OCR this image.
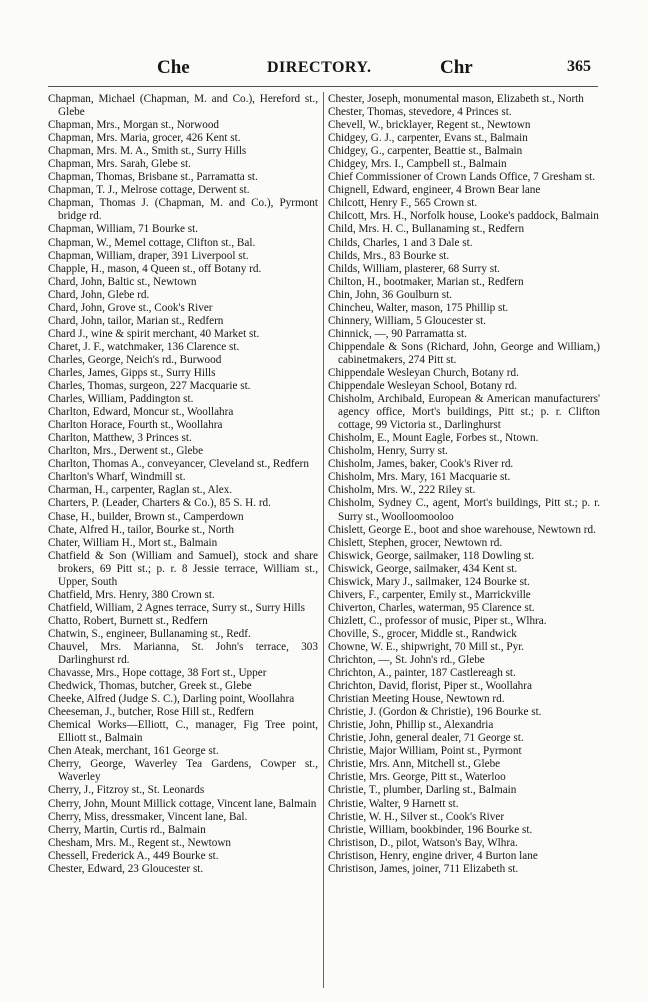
Che	DIRECTORY.	Chr	365

Chapman, Michael (Chapman, M. and Co.), Hereford st., Glebe

Chapman, Mrs., Morgan st., Norwood

Chapman, Mrs. Maria, grocer, 426 Kent st.

Chapman, Mrs. M. A., Smith st., Surry Hills

Chapman, Mrs. Sarah, Glebe st.

Chapman, Thomas, Brisbane st., Parramatta st.

Chapman, T. J., Melrose cottage, Derwent st.

Chapman, Thomas J. (Chapman, M. and Co.), Pyrmont bridge rd.

Chapman, William, 71 Bourke st.

Chapman, W., Memel cottage, Clifton st., Bal.

Chapman, William, draper, 391 Liverpool st.

Chapple, H., mason, 4 Queen st., off Botany rd.

Chard, John, Baltic st., Newtown

Chard, John, Glebe rd.

Chard, John, Grove st., Cook's River

Chard, John, tailor, Marian st., Redfern

Chard J., wine & spirit merchant, 40 Market st.

Charet, J. F., watchmaker, 136 Clarence st.

Charles, George, Neich's rd., Burwood

Charles, James, Gipps st., Surry Hills

Charles, Thomas, surgeon, 227 Macquarie st.

Charles, William, Paddington st.

Charlton, Edward, Moncur st., Woollahra

Charlton Horace, Fourth st., Woollahra

Charlton, Matthew, 3 Princes st.

Charlton, Mrs., Derwent st., Glebe

Charlton, Thomas A., conveyancer, Cleveland st., Redfern

Charlton's Wharf, Windmill st.

Charman, H., carpenter, Raglan st., Alex.

Charters, P. (Leader, Charters & Co.), 85 S. H. rd.

Chase, H., builder, Brown st., Camperdown

Chate, Alfred H., tailor, Bourke st., North

Chater, William H., Mort st., Balmain

Chatfield & Son (William and Samuel), stock and share brokers, 69 Pitt st.; p. r. 8 Jessie terrace, William st., Upper, South

Chatfield, Mrs. Henry, 380 Crown st.

Chatfield, William, 2 Agnes terrace, Surry st., Surry Hills

Chatto, Robert, Burnett st., Redfern

Chatwin, S., engineer, Bullanaming st., Redf.

Chauvel, Mrs. Marianna, St. John's terrace, 303 Darlinghurst rd.

Chavasse, Mrs., Hope cottage, 38 Fort st., Upper

Chedwick, Thomas, butcher, Greek st., Glebe

Cheeke, Alfred (Judge S. C.), Darling point, Woollahra

Cheeseman, J., butcher, Rose Hill st., Redfern

Chemical Works—Elliott, C., manager, Fig Tree point, Elliott st., Balmain

Chen Ateak, merchant, 161 George st.

Cherry, George, Waverley Tea Gardens, Cowper st., Waverley

Cherry, J., Fitzroy st., St. Leonards

Cherry, John, Mount Millick cottage, Vincent lane, Balmain

Cherry, Miss, dressmaker, Vincent lane, Bal.

Cherry, Martin, Curtis rd., Balmain

Chesham, Mrs. M., Regent st., Newtown

Chessell, Frederick A., 449 Bourke st.

Chester, Edward, 23 Gloucester st.

Chester, Joseph, monumental mason, Elizabeth st., North

Chester, Thomas, stevedore, 4 Princes st.

Chevell, W., bricklayer, Regent st., Newtown

Chidgey, G. J., carpenter, Evans st., Balmain

Chidgey, G., carpenter, Beattie st., Balmain

Chidgey, Mrs. I., Campbell st., Balmain

Chief Commissioner of Crown Lands Office, 7 Gresham st.

Chignell, Edward, engineer, 4 Brown Bear lane

Chilcott, Henry F., 565 Crown st.

Chilcott, Mrs. H., Norfolk house, Looke's paddock, Balmain

Child, Mrs. H. C., Bullanaming st., Redfern

Childs, Charles, 1 and 3 Dale st.

Childs, Mrs., 83 Bourke st.

Childs, William, plasterer, 68 Surry st.

Chilton, H., bootmaker, Marian st., Redfern

Chin, John, 36 Goulburn st.

Chincheu, Walter, mason, 175 Phillip st.

Chinnery, William, 5 Gloucester st.

Chinnick, —, 90 Parramatta st.

Chippendale & Sons (Richard, John, George and William,) cabinetmakers, 274 Pitt st.

Chippendale Wesleyan Church, Botany rd.

Chippendale Wesleyan School, Botany rd.

Chisholm, Archibald, European & American manufacturers' agency office, Mort's buildings, Pitt st.; p. r. Clifton cottage, 99 Victoria st., Darlinghurst

Chisholm, E., Mount Eagle, Forbes st., Ntown.

Chisholm, Henry, Surry st.

Chisholm, James, baker, Cook's River rd.

Chisholm, Mrs. Mary, 161 Macquarie st.

Chisholm, Mrs. W., 222 Riley st.

Chisholm, Sydney C., agent, Mort's buildings, Pitt st.; p. r. Surry st., Woolloomooloo

Chislett, George E., boot and shoe warehouse, Newtown rd.

Chislett, Stephen, grocer, Newtown rd.

Chiswick, George, sailmaker, 118 Dowling st.

Chiswick, George, sailmaker, 434 Kent st.

Chiswick, Mary J., sailmaker, 124 Bourke st.

Chivers, F., carpenter, Emily st., Marrickville

Chiverton, Charles, waterman, 95 Clarence st.

Chizlett, C., professor of music, Piper st., Wlhra.

Choville, S., grocer, Middle st., Randwick

Chowne, W. E., shipwright, 70 Mill st., Pyr.

Chrichton, —, St. John's rd., Glebe

Chrichton, A., painter, 187 Castlereagh st.

Chrichton, David, florist, Piper st., Woollahra

Christian Meeting House, Newtown rd.

Christie, J. (Gordon & Christie), 196 Bourke st.

Christie, John, Phillip st., Alexandria

Christie, John, general dealer, 71 George st.

Christie, Major William, Point st., Pyrmont

Christie, Mrs. Ann, Mitchell st., Glebe

Christie, Mrs. George, Pitt st., Waterloo

Christie, T., plumber, Darling st., Balmain

Christie, Walter, 9 Harnett st.

Christie, W. H., Silver st., Cook's River

Christie, William, bookbinder, 196 Bourke st.

Christison, D., pilot, Watson's Bay, Wlhra.

Christison, Henry, engine driver, 4 Burton lane

Christison, James, joiner, 711 Elizabeth st.
